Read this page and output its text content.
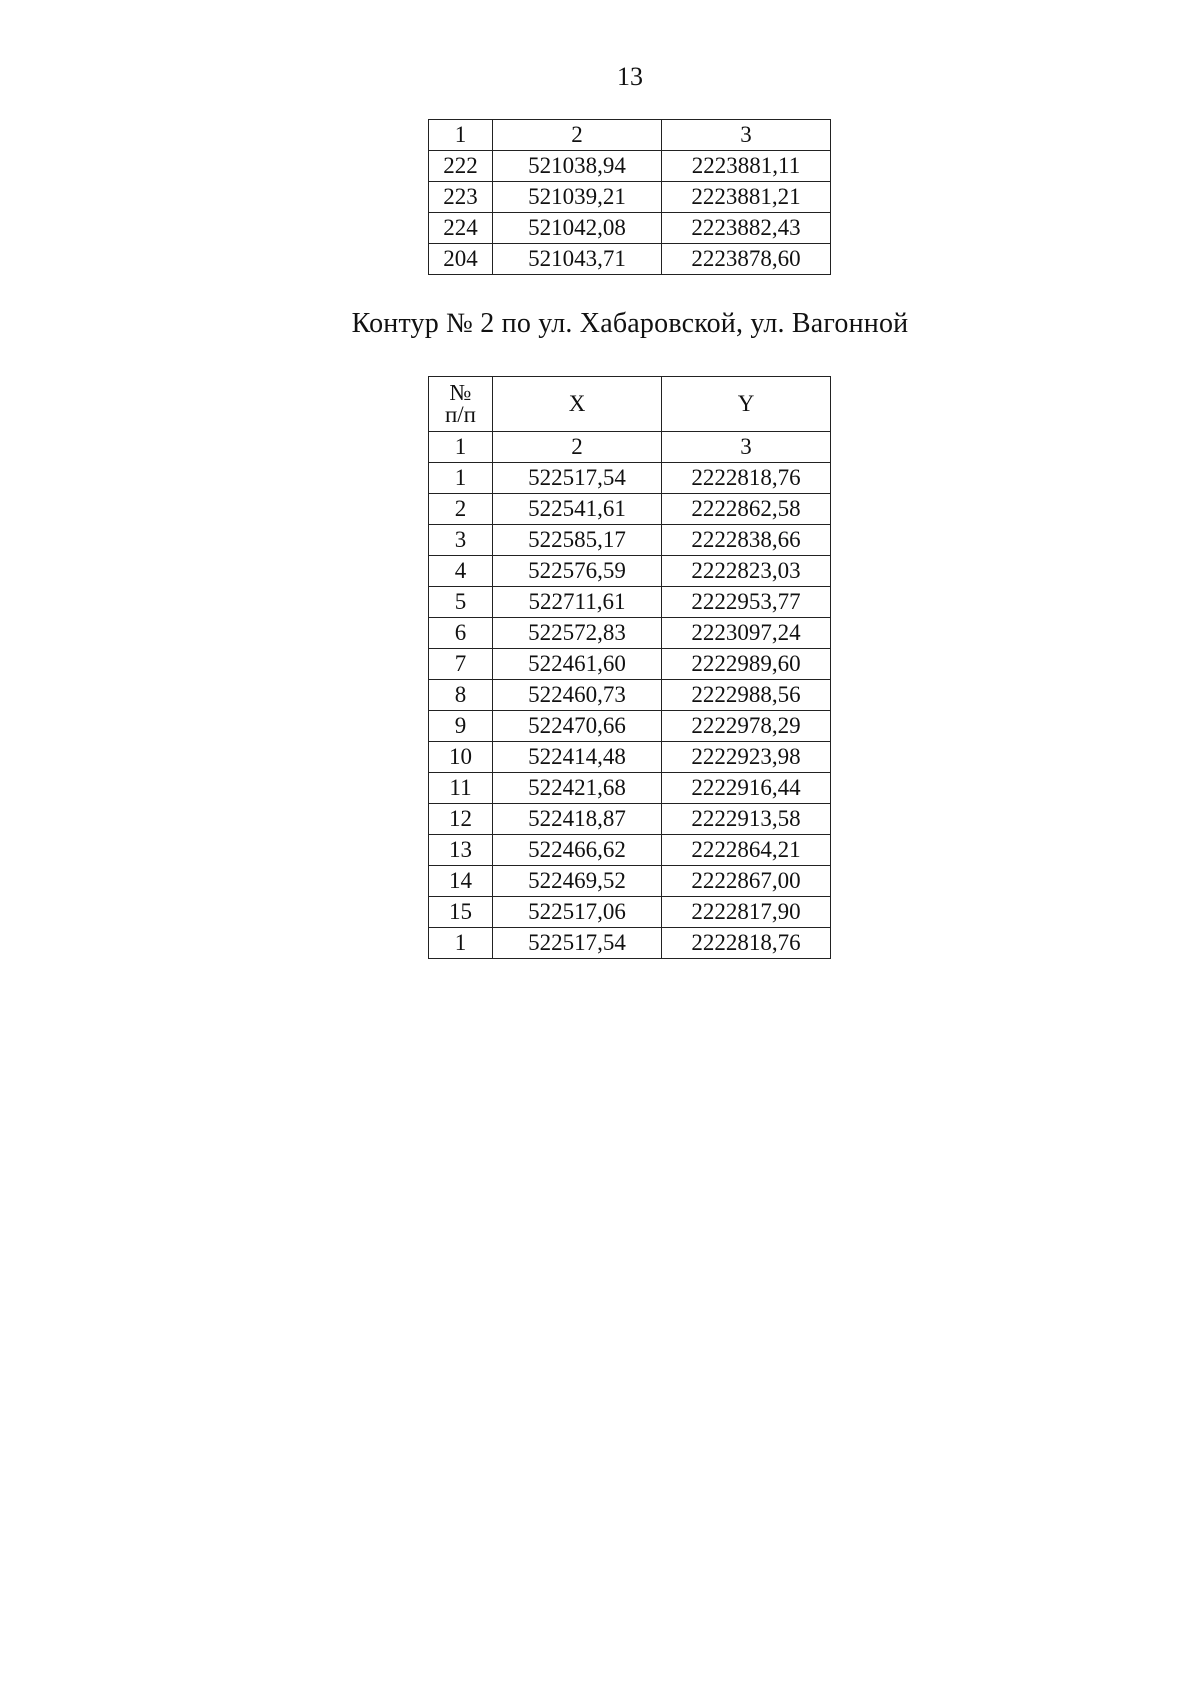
13
1	2	3
222	521038,94	2223881,11
223	521039,21	2223881,21
224	521042,08	2223882,43
204	521043,71	2223878,60
Контур № 2 по ул. Хабаровской, ул. Вагонной
№
п/п	X	Y
1	2	3
1	522517,54	2222818,76
2	522541,61	2222862,58
3	522585,17	2222838,66
4	522576,59	2222823,03
5	522711,61	2222953,77
6	522572,83	2223097,24
7	522461,60	2222989,60
8	522460,73	2222988,56
9	522470,66	2222978,29
10	522414,48	2222923,98
11	522421,68	2222916,44
12	522418,87	2222913,58
13	522466,62	2222864,21
14	522469,52	2222867,00
15	522517,06	2222817,90
1	522517,54	2222818,76
